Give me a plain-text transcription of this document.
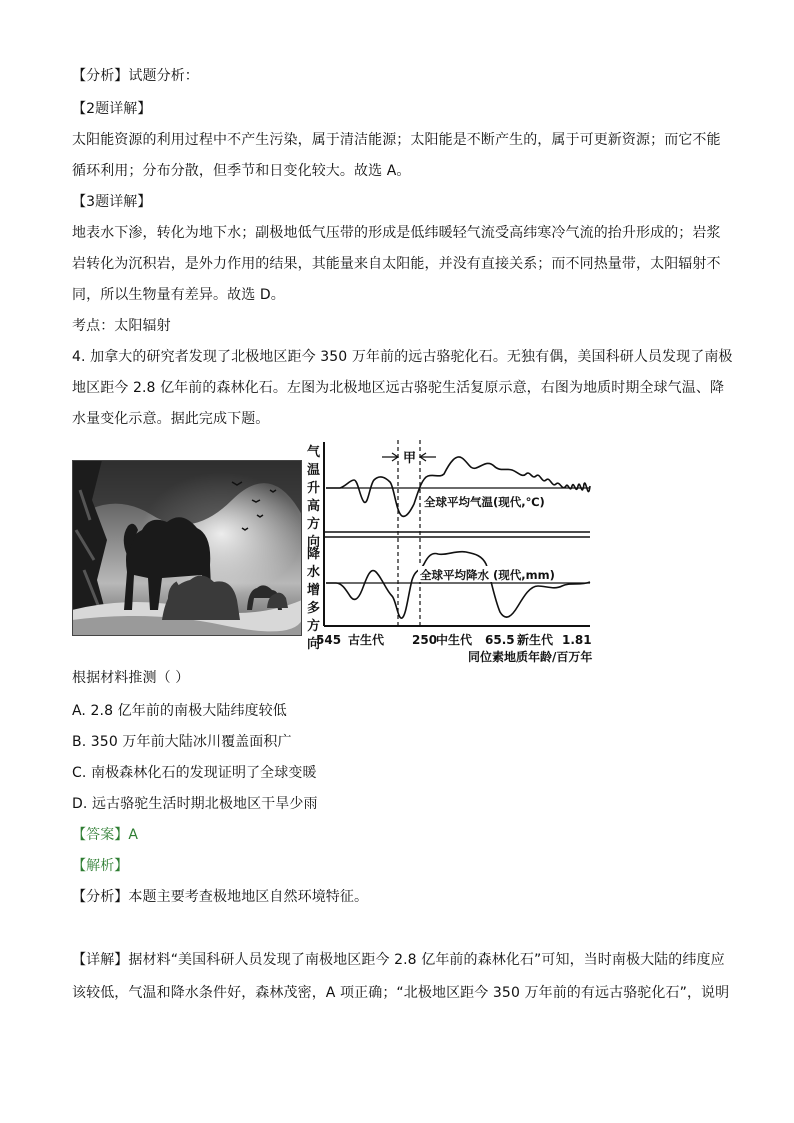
【分析】试题分析：
【2题详解】
太阳能资源的利用过程中不产生污染，属于清洁能源；太阳能是不断产生的，属于可更新资源；而它不能
循环利用；分布分散，但季节和日变化较大。故选 A。
【3题详解】
地表水下渗，转化为地下水；副极地低气压带的形成是低纬暖轻气流受高纬寒冷气流的抬升形成的；岩浆
岩转化为沉积岩，是外力作用的结果，其能量来自太阳能，并没有直接关系；而不同热量带，太阳辐射不
同，所以生物量有差异。故选 D。
考点：太阳辐射
4. 加拿大的研究者发现了北极地区距今 350 万年前的远古骆驼化石。无独有偶，美国科研人员发现了南极
地区距今 2.8 亿年前的森林化石。左图为北极地区远古骆驼生活复原示意，右图为地质时期全球气温、降
水量变化示意。据此完成下题。
气
温
升
高
方
向
降
水
增
多
方
向
甲
全球平均气温(现代,℃)
全球平均降水 (现代,mm)
545 古生代 250
中生代 65.5 新生代 1.81
同位素地质年龄/百万年
根据材料推测（ ）
A. 2.8 亿年前的南极大陆纬度较低
B. 350 万年前大陆冰川覆盖面积广
C. 南极森林化石的发现证明了全球变暖
D. 远古骆驼生活时期北极地区干旱少雨
【答案】A
【解析】
【分析】本题主要考查极地地区自然环境特征。
【详解】据材料“美国科研人员发现了南极地区距今 2.8 亿年前的森林化石”可知，当时南极大陆的纬度应
该较低，气温和降水条件好，森林茂密，A 项正确；“北极地区距今 350 万年前的有远古骆驼化石”，说明
